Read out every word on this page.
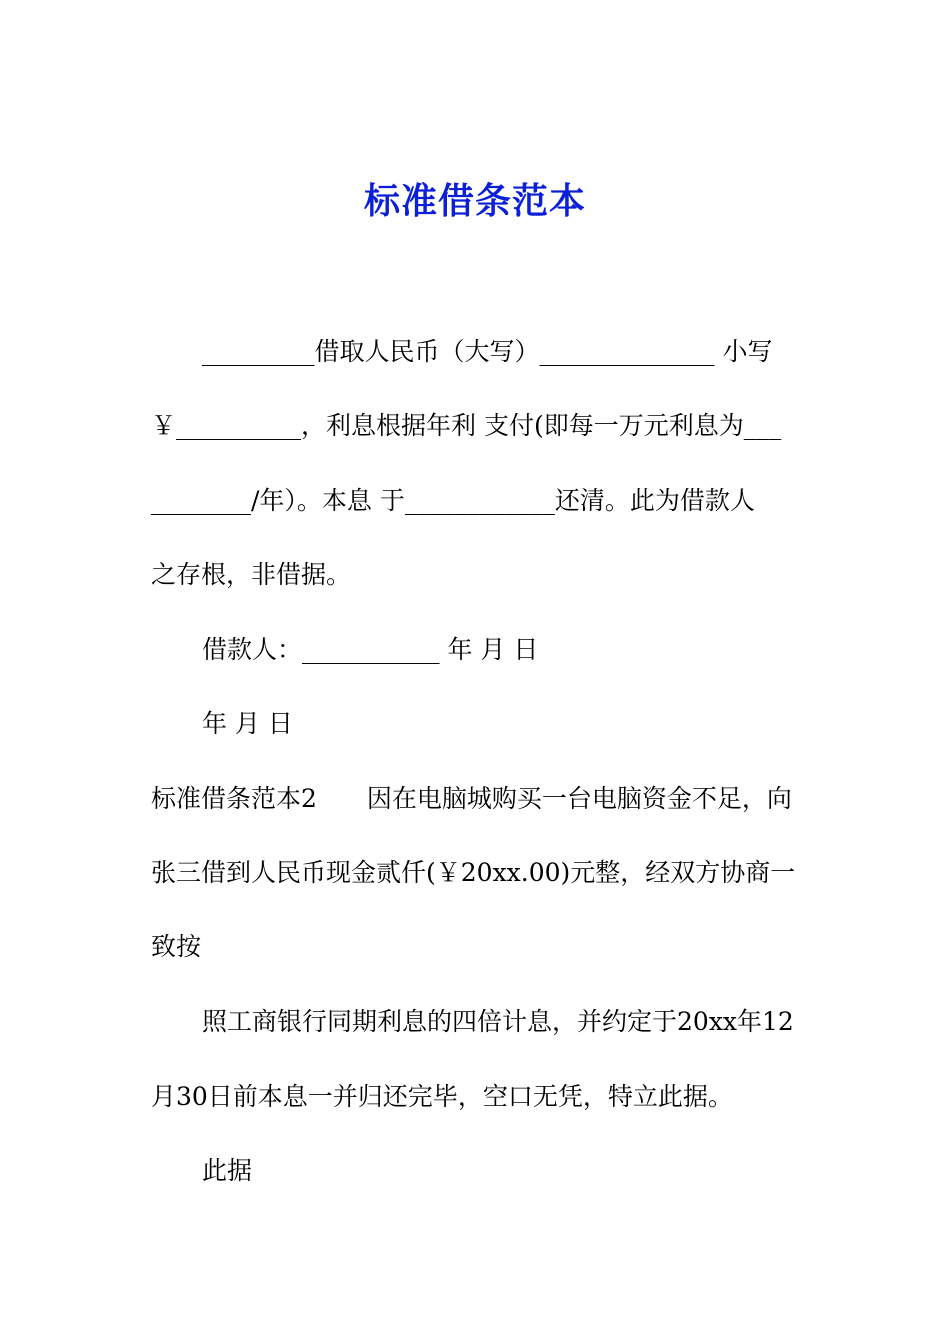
标准借条范本
_________借取人民币（大写）______________ 小写
￥__________，利息根据年利 支付(即每一万元利息为___
________/年）。本息 于____________还清。此为借款人
之存根，非借据。
借款人：___________ 年 月 日
年 月 日
标准借条范本2　　因在电脑城购买一台电脑资金不足，向
张三借到人民币现金贰仟(￥20xx.00)元整，经双方协商一
致按
照工商银行同期利息的四倍计息，并约定于20xx年12
月30日前本息一并归还完毕，空口无凭，特立此据。
此据
